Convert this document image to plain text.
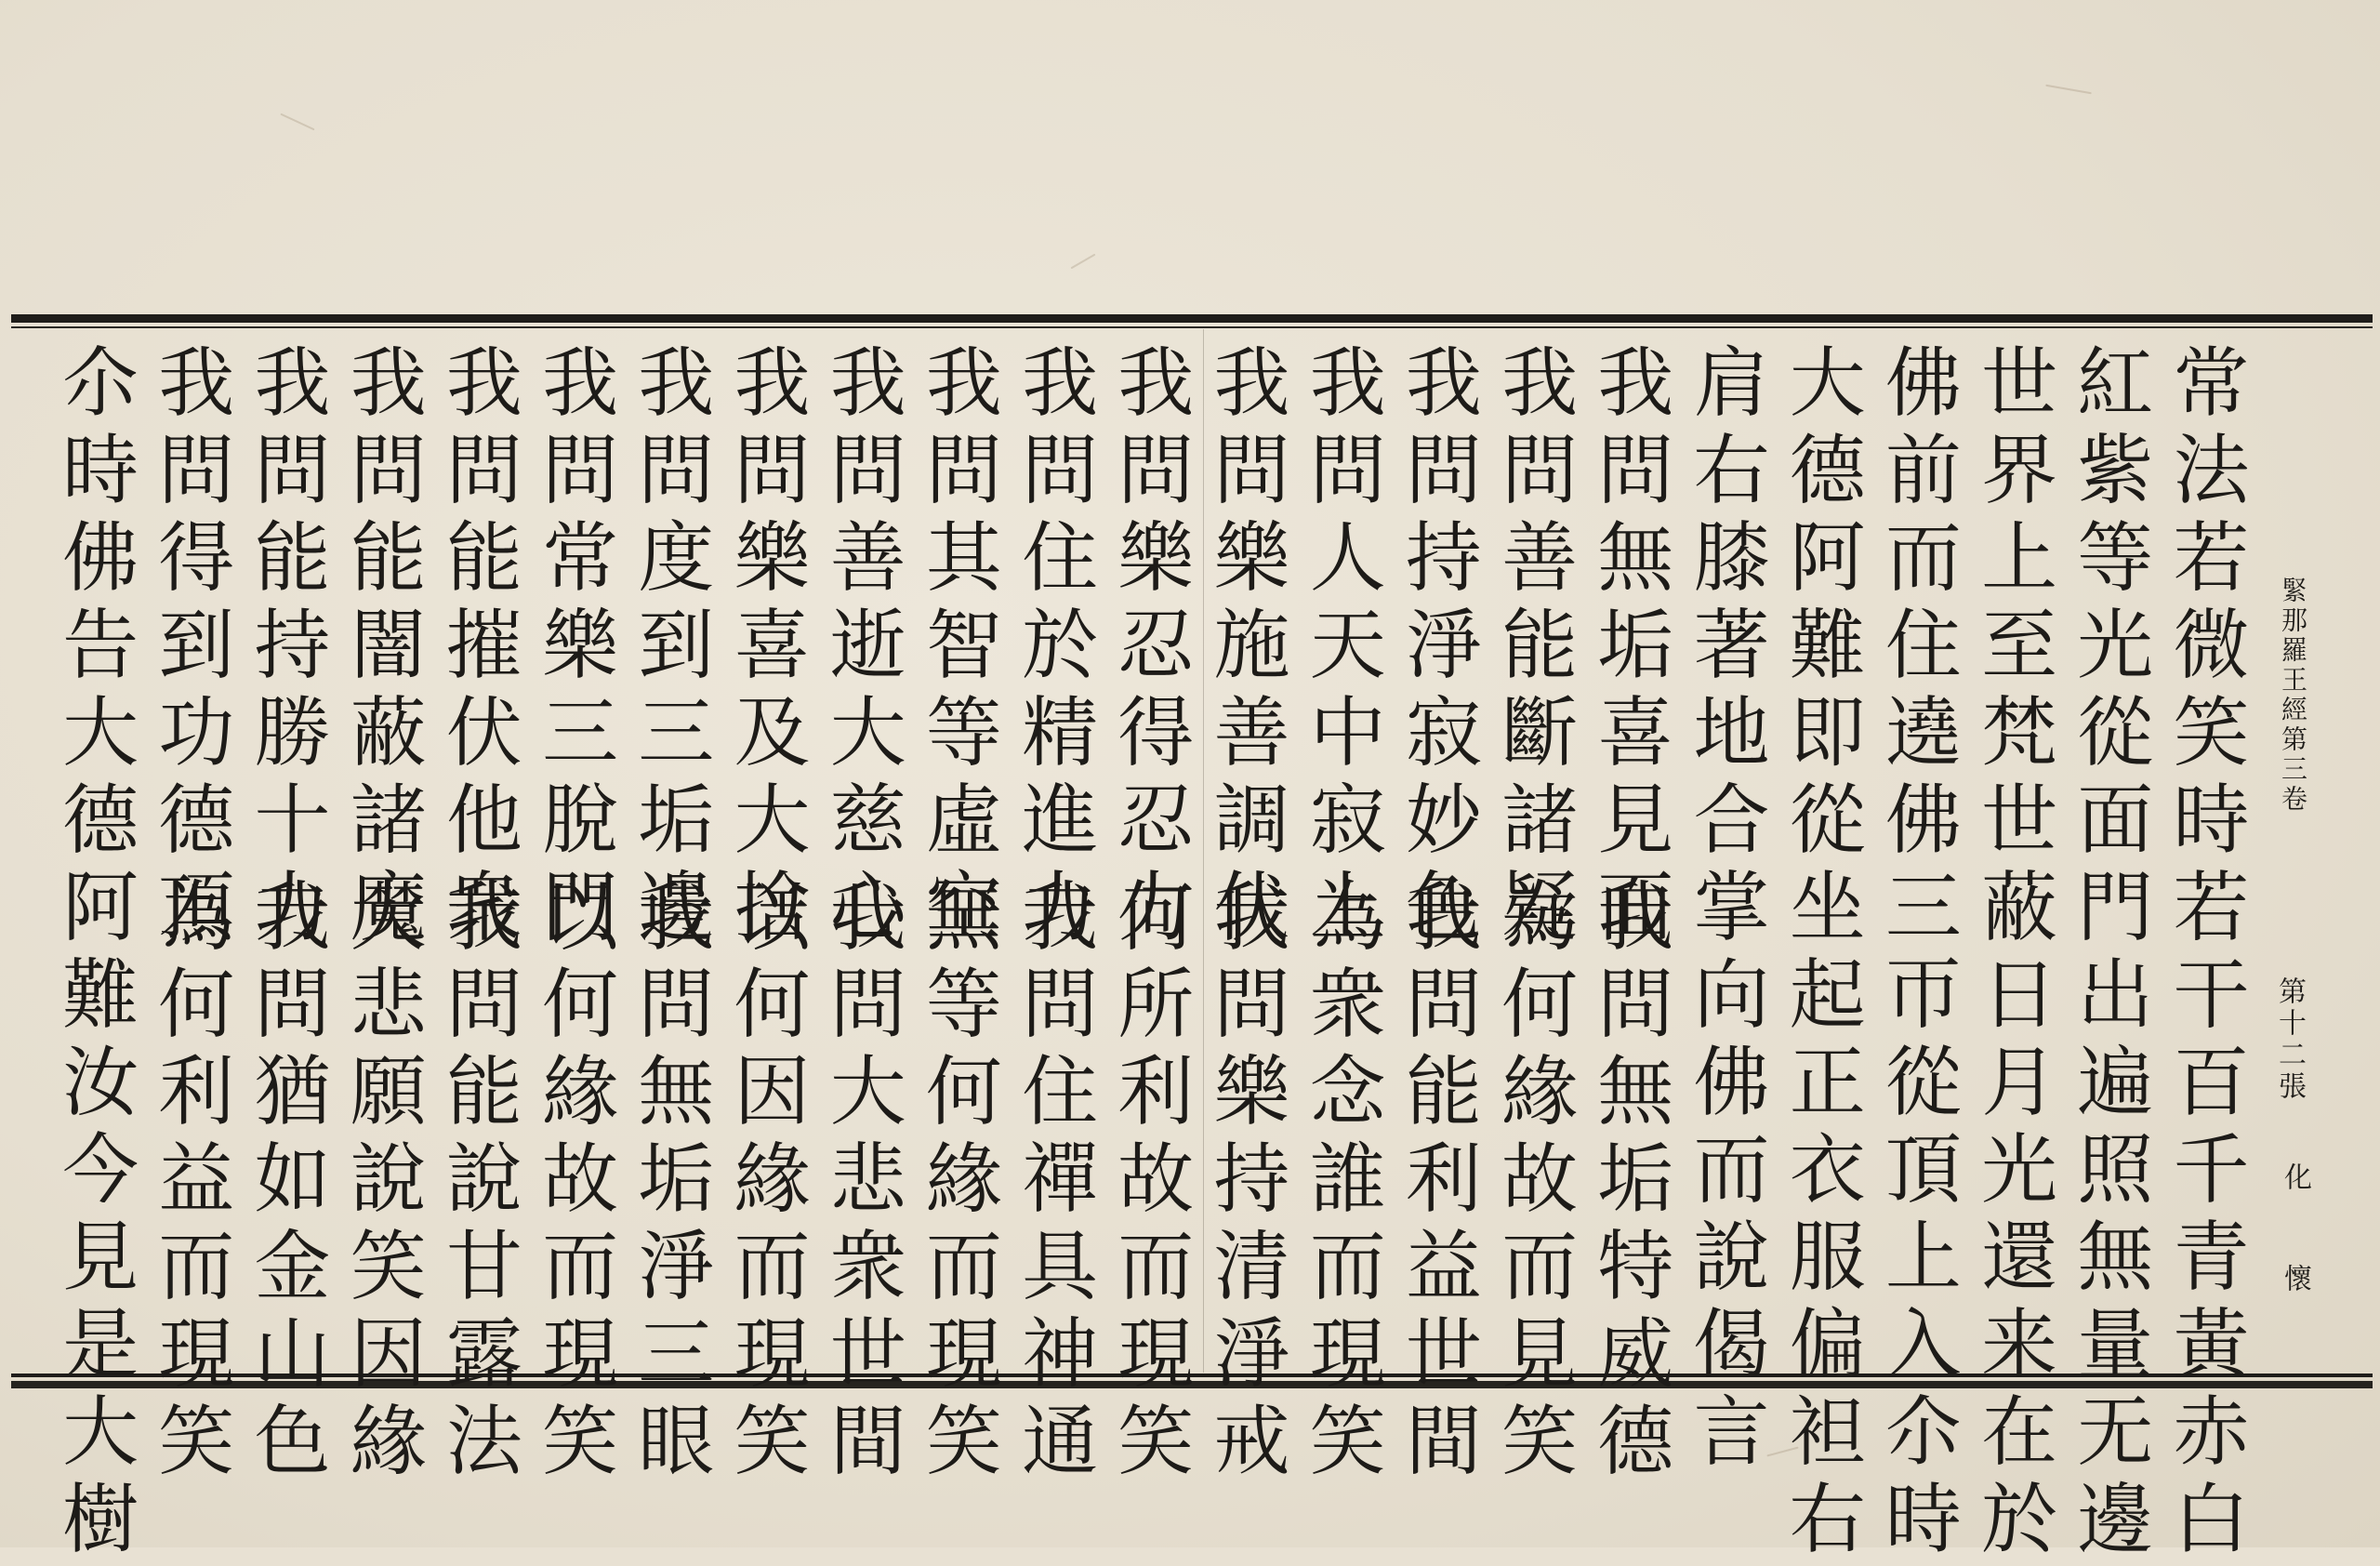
緊那羅王經第三卷
第十二張
化 懷
常法若微笑時若干百千青黃赤白
紅紫等光從面門出遍照無量无邊
世界上至梵世蔽日月光還来在於
佛前而住遶佛三帀從頂上入尒時
大德阿難即從坐起正衣服偏袒右
肩右膝著地合掌向佛而說偈言
我問無垢喜見面
我問無垢特威德
我問善能斷諸疑
為何緣故而見笑
我問持淨寂妙色
我問能利益世間
我問人天中寂上
為衆念誰而現笑
我問樂施善調伏
我問樂持清淨戒
我問樂忍得忍力
何所利故而現笑
我問住於精進力
我問住禪具神通
我問其智等虛空
無等何緣而現笑
我問善逝大慈心
我問大悲衆世間
我問樂喜及大捨
以何因緣而現笑
我問度到三垢邊
我問無垢淨三眼
我問常樂三脫門
以何緣故而現笑
我問能摧伏他衆
我問能說甘露法
我問能闇蔽諸魔
大悲願說笑因緣
我問能持勝十力
我問猶如金山色
我問得到功德頂
為何利益而現笑
尒時佛告大德阿難汝今見是大樹
